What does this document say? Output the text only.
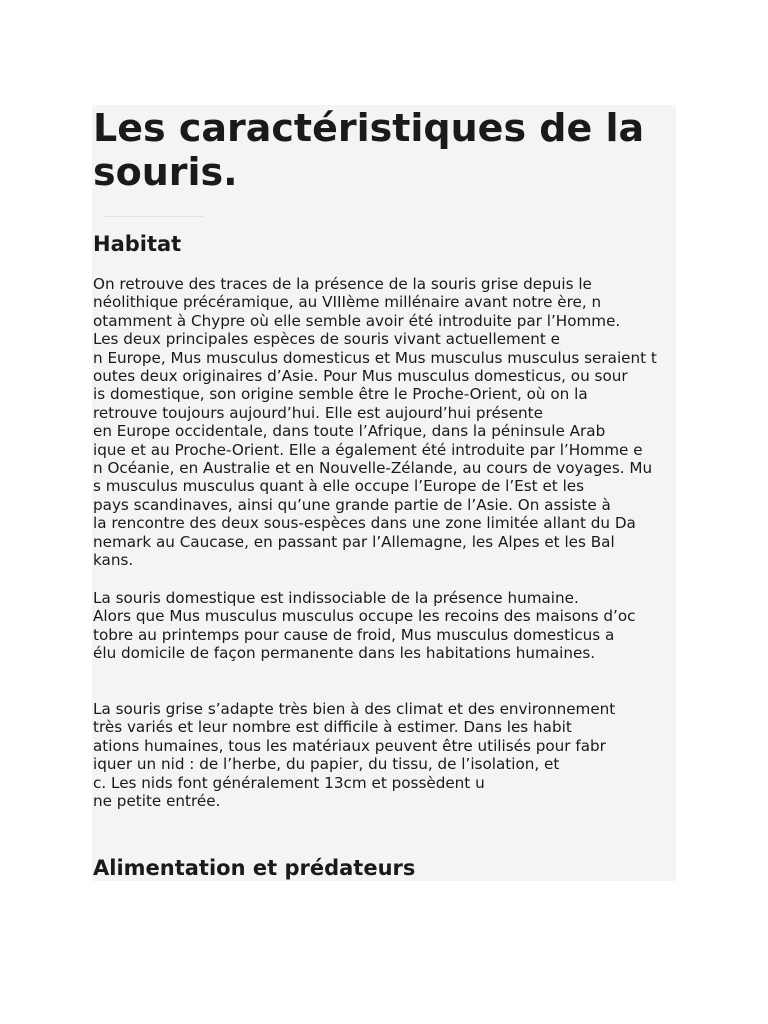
Les caractéristiques de la souris.
Habitat

On retrouve des traces de la présence de la souris grise depuis le
néolithique précéramique, au VIIIème millénaire avant notre ère, n
otamment à Chypre où elle semble avoir été introduite par l’Homme.
Les deux principales espèces de souris vivant actuellement e
n Europe, Mus musculus domesticus et Mus musculus musculus seraient t
outes deux originaires d’Asie. Pour Mus musculus domesticus, ou sour
is domestique, son origine semble être le Proche-Orient, où on la
retrouve toujours aujourd’hui. Elle est aujourd’hui présente
en Europe occidentale, dans toute l’Afrique, dans la péninsule Arab
ique et au Proche-Orient. Elle a également été introduite par l’Homme e
n Océanie, en Australie et en Nouvelle-Zélande, au cours de voyages. Mu
s musculus musculus quant à elle occupe l’Europe de l’Est et les
pays scandinaves, ainsi qu’une grande partie de l’Asie. On assiste à
la rencontre des deux sous-espèces dans une zone limitée allant du Da
nemark au Caucase, en passant par l’Allemagne, les Alpes et les Bal
kans.

La souris domestique est indissociable de la présence humaine.
Alors que Mus musculus musculus occupe les recoins des maisons d’oc
tobre au printemps pour cause de froid, Mus musculus domesticus a
élu domicile de façon permanente dans les habitations humaines.

La souris grise s’adapte très bien à des climat et des environnement
très variés et leur nombre est difficile à estimer. Dans les habit
ations humaines, tous les matériaux peuvent être utilisés pour fabr
iquer un nid : de l’herbe, du papier, du tissu, de l’isolation, et
c. Les nids font généralement 13cm et possèdent u
ne petite entrée.

Alimentation et prédateurs
